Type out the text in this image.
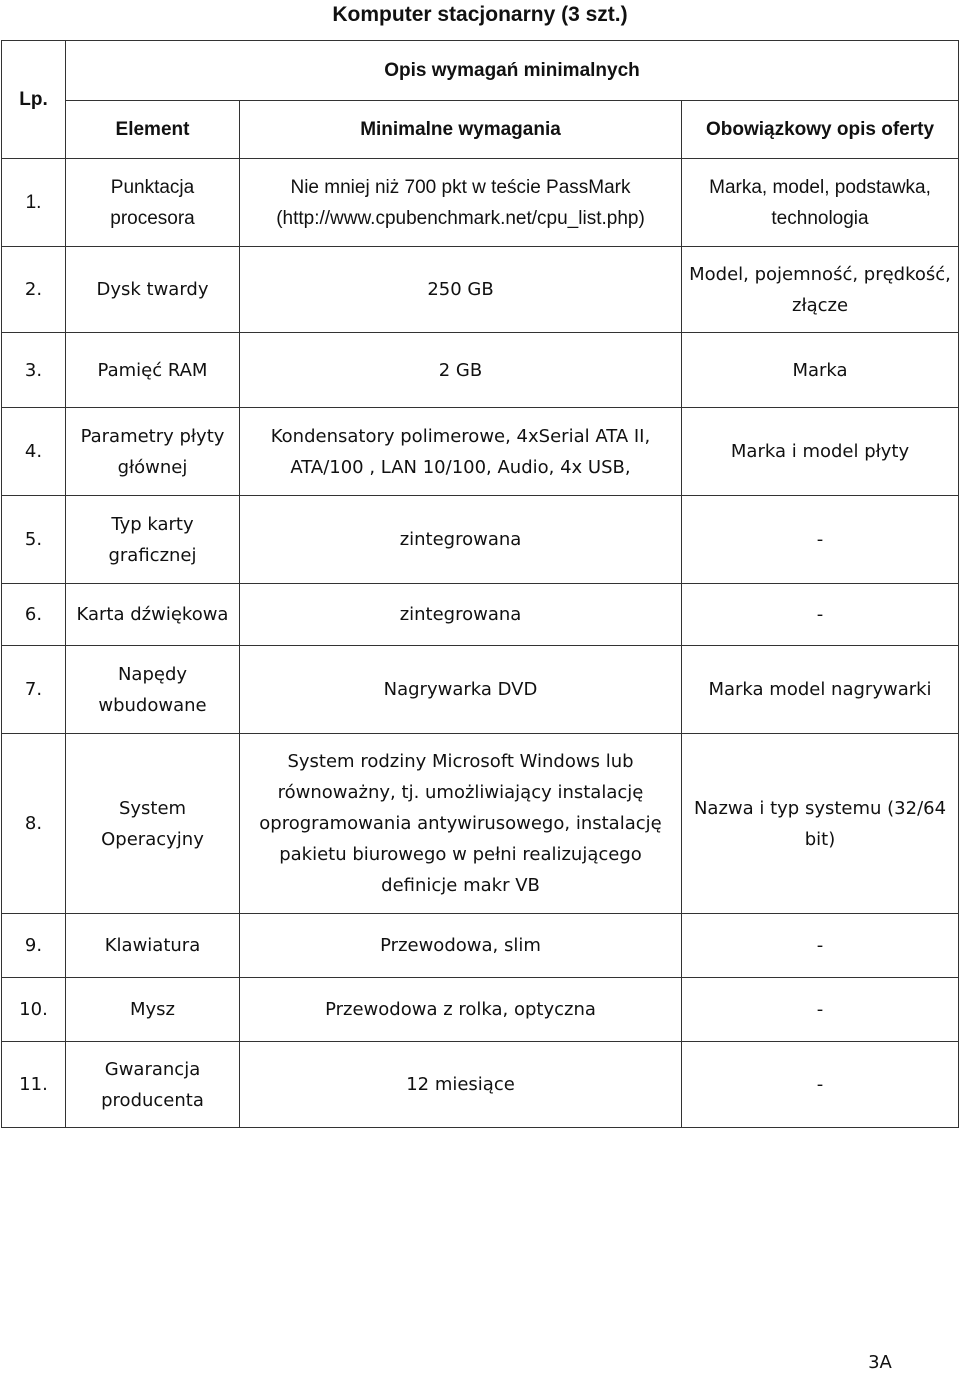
Komputer stacjonarny (3 szt.)
Lp.	Opis wymagań minimalnych		
	Element	Minimalne wymagania	Obowiązkowy opis oferty
1.	Punktacja procesora	Nie mniej niż 700 pkt w teście PassMark (http://www.cpubenchmark.net/cpu_list.php)	Marka, model, podstawka, technologia
2.	Dysk twardy	250 GB	Model, pojemność, prędkość, złącze
3.	Pamięć RAM	2 GB	Marka
4.	Parametry płyty głównej	Kondensatory polimerowe, 4xSerial ATA II, ATA/100 , LAN 10/100, Audio, 4x USB,	Marka i model płyty
5.	Typ karty graficznej	zintegrowana	-
6.	Karta dźwiękowa	zintegrowana	-
7.	Napędy wbudowane	Nagrywarka DVD	Marka model nagrywarki
8.	System Operacyjny	System rodziny Microsoft Windows lub równoważny, tj. umożliwiający instalację oprogramowania antywirusowego, instalację pakietu biurowego w pełni realizującego definicje makr VB	Nazwa i typ systemu (32/64 bit)
9.	Klawiatura	Przewodowa, slim	-
10.	Mysz	Przewodowa z rolka, optyczna	-
11.	Gwarancja producenta	12 miesiące	-
3A
